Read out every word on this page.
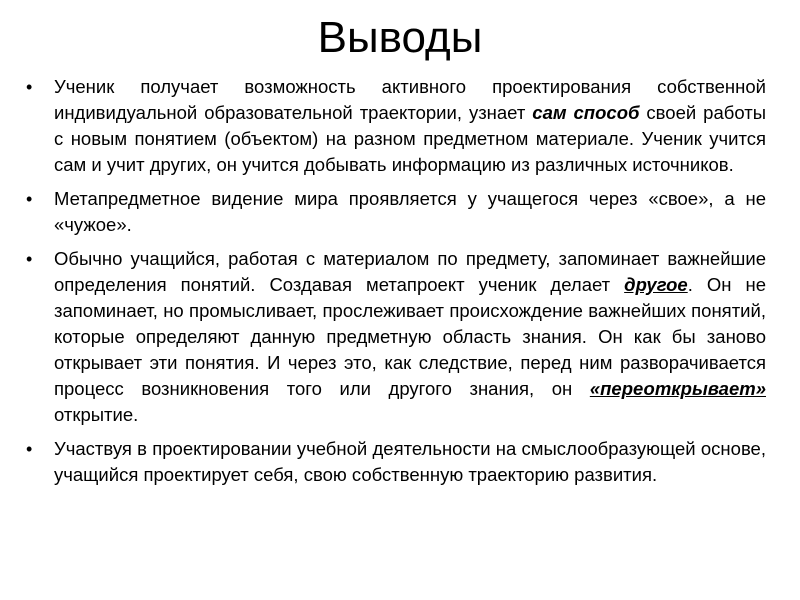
Выводы
•	Ученик получает возможность активного проектирования собственной индивидуальной образовательной траектории, узнает сам способ своей работы с новым понятием (объектом) на разном предметном материале. Ученик учится сам и учит других, он учится добывать информацию из различных источников.
•	Метапредметное видение мира проявляется у учащегося через «свое», а не «чужое».
•	Обычно учащийся, работая с материалом по предмету, запоминает важнейшие определения понятий. Создавая метапроект ученик делает другое. Он не запоминает, но промысливает, прослеживает происхождение важнейших понятий, которые определяют данную предметную область знания. Он как бы заново открывает эти понятия. И через это, как следствие, перед ним разворачивается процесс возникновения того или другого знания, он «переоткрывает» открытие.
•	Участвуя в проектировании учебной деятельности на смыслообразующей основе, учащийся проектирует себя, свою собственную траекторию развития.
